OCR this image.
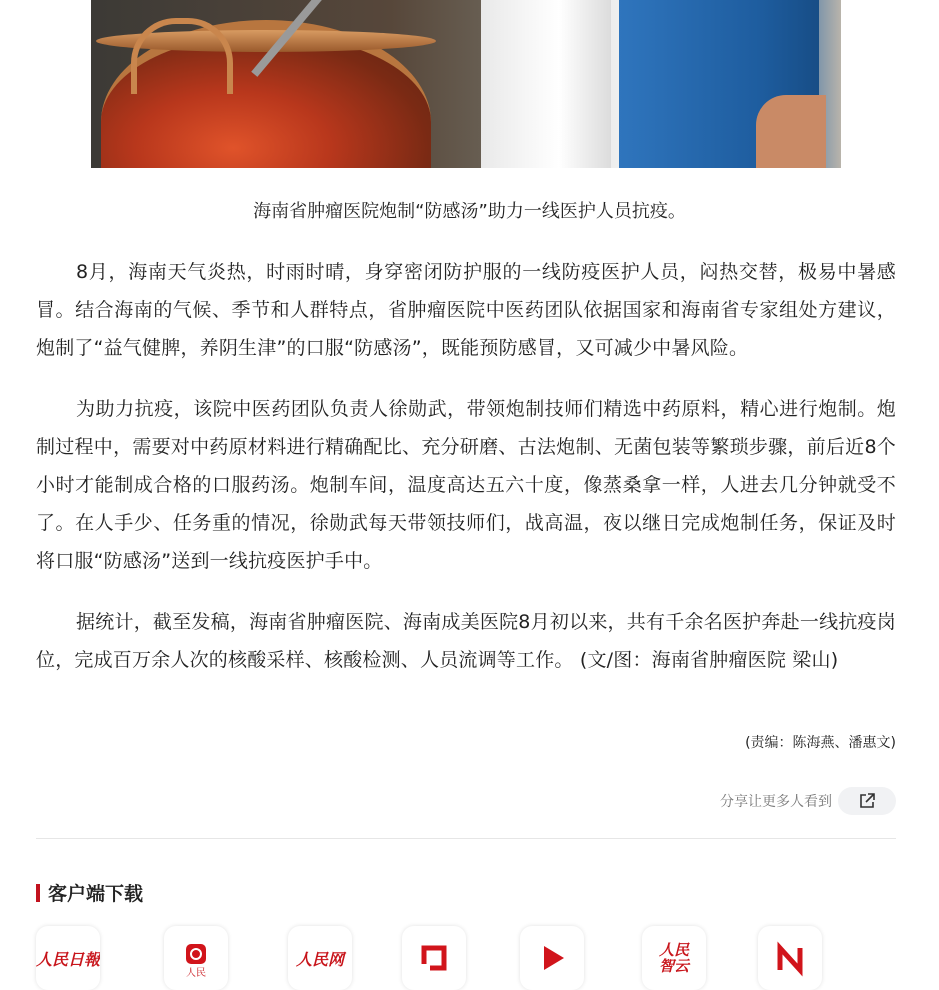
海南省肿瘤医院炮制“防感汤”助力一线医护人员抗疫。

8月，海南天气炎热，时雨时晴，身穿密闭防护服的一线防疫医护人员，闷热交替，极易中暑感冒。结合海南的气候、季节和人群特点，省肿瘤医院中医药团队依据国家和海南省专家组处方建议，炮制了“益气健脾，养阴生津”的口服“防感汤”，既能预防感冒，又可减少中暑风险。

为助力抗疫，该院中医药团队负责人徐勋武，带领炮制技师们精选中药原料，精心进行炮制。炮制过程中，需要对中药原材料进行精确配比、充分研磨、古法炮制、无菌包装等繁琐步骤，前后近8个小时才能制成合格的口服药汤。炮制车间，温度高达五六十度，像蒸桑拿一样，人进去几分钟就受不了。在人手少、任务重的情况，徐勋武每天带领技师们，战高温，夜以继日完成炮制任务，保证及时将口服“防感汤”送到一线抗疫医护手中。

据统计，截至发稿，海南省肿瘤医院、海南成美医院8月初以来，共有千余名医护奔赴一线抗疫岗位，完成百万余人次的核酸采样、核酸检测、人员流调等工作。 (文/图：海南省肿瘤医院 梁山)

(责编：陈海燕、潘惠文)
分享让更多人看到
客户端下载
人民日報
人民
人民网	人民
智云
